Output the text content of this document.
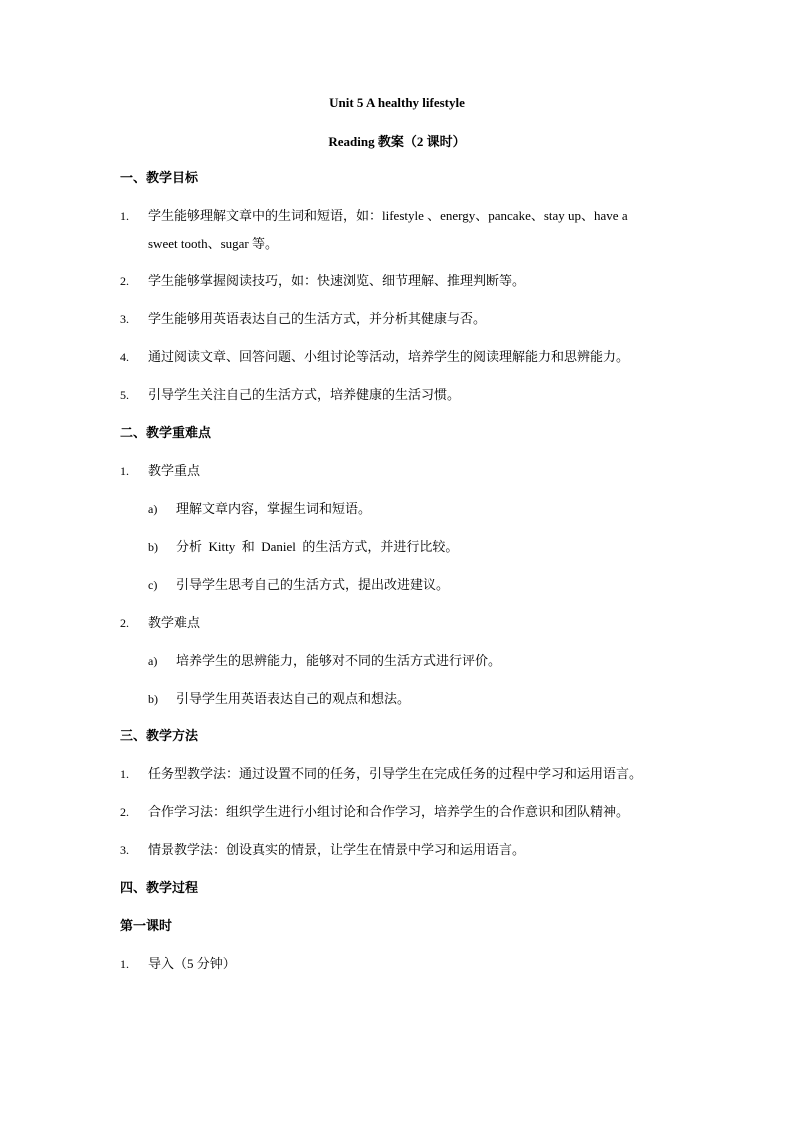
Unit 5 A healthy lifestyle
Reading 教案（2 课时）
一、教学目标
1. 学生能够理解文章中的生词和短语，如：lifestyle 、energy、pancake、stay up、have a
sweet tooth、sugar 等。
2. 学生能够掌握阅读技巧，如：快速浏览、细节理解、推理判断等。
3. 学生能够用英语表达自己的生活方式，并分析其健康与否。
4. 通过阅读文章、回答问题、小组讨论等活动，培养学生的阅读理解能力和思辨能力。
5. 引导学生关注自己的生活方式，培养健康的生活习惯。
二、教学重难点
1. 教学重点
a) 理解文章内容，掌握生词和短语。
b) 分析  Kitty  和  Daniel  的生活方式，并进行比较。
c) 引导学生思考自己的生活方式，提出改进建议。
2. 教学难点
a) 培养学生的思辨能力，能够对不同的生活方式进行评价。
b) 引导学生用英语表达自己的观点和想法。
三、教学方法
1. 任务型教学法：通过设置不同的任务，引导学生在完成任务的过程中学习和运用语言。
2. 合作学习法：组织学生进行小组讨论和合作学习，培养学生的合作意识和团队精神。
3. 情景教学法：创设真实的情景，让学生在情景中学习和运用语言。
四、教学过程
第一课时
1. 导入（5 分钟）
